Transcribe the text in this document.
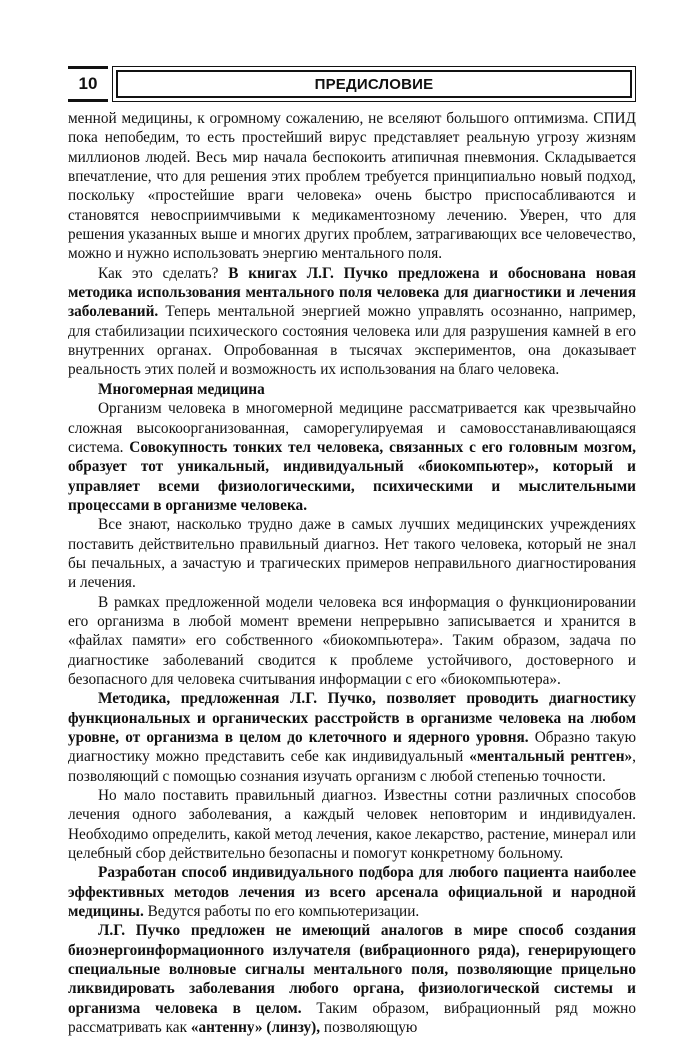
10	ПРЕДИСЛОВИЕ

менной медицины, к огромному сожалению, не вселяют большого оптимизма. СПИД пока непобедим, то есть простейший вирус представляет реальную угрозу жизням миллионов людей. Весь мир начала беспокоить атипичная пневмония. Складывается впечатление, что для решения этих проблем требуется принципиально новый подход, поскольку «простейшие враги человека» очень быстро приспосабливаются и становятся невосприимчивыми к медикаментозному лечению. Уверен, что для решения указанных выше и многих других проблем, затрагивающих все человечество, можно и нужно использовать энергию ментального поля.

Как это сделать? В книгах Л.Г. Пучко предложена и обоснована новая методика использования ментального поля человека для диагностики и лечения заболеваний. Теперь ментальной энергией можно управлять осознанно, например, для стабилизации психического состояния человека или для разрушения камней в его внутренних органах. Опробованная в тысячах экспериментов, она доказывает реальность этих полей и возможность их использования на благо человека.

Многомерная медицина

Организм человека в многомерной медицине рассматривается как чрезвычайно сложная высокоорганизованная, саморегулируемая и самовосстанавливающаяся система. Совокупность тонких тел человека, связанных с его головным мозгом, образует тот уникальный, индивидуальный «биокомпьютер», который и управляет всеми физиологическими, психическими и мыслительными процессами в организме человека.

Все знают, насколько трудно даже в самых лучших медицинских учреждениях поставить действительно правильный диагноз. Нет такого человека, который не знал бы печальных, а зачастую и трагических примеров неправильного диагностирования и лечения.

В рамках предложенной модели человека вся информация о функционировании его организма в любой момент времени непрерывно записывается и хранится в «файлах памяти» его собственного «биокомпьютера». Таким образом, задача по диагностике заболеваний сводится к проблеме устойчивого, достоверного и безопасного для человека считывания информации с его «биокомпьютера».

Методика, предложенная Л.Г. Пучко, позволяет проводить диагностику функциональных и органических расстройств в организме человека на любом уровне, от организма в целом до клеточного и ядерного уровня. Образно такую диагностику можно представить себе как индивидуальный «ментальный рентген», позволяющий с помощью сознания изучать организм с любой степенью точности.

Но мало поставить правильный диагноз. Известны сотни различных способов лечения одного заболевания, а каждый человек неповторим и индивидуален. Необходимо определить, какой метод лечения, какое лекарство, растение, минерал или целебный сбор действительно безопасны и помогут конкретному больному.

Разработан способ индивидуального подбора для любого пациента наиболее эффективных методов лечения из всего арсенала официальной и народной медицины. Ведутся работы по его компьютеризации.

Л.Г. Пучко предложен не имеющий аналогов в мире способ создания биоэнергоинформационного излучателя (вибрационного ряда), генерирующего специальные волновые сигналы ментального поля, позволяющие прицельно ликвидировать заболевания любого органа, физиологической системы и организма человека в целом. Таким образом, вибрационный ряд можно рассматривать как «антенну» (линзу), позволяющую
